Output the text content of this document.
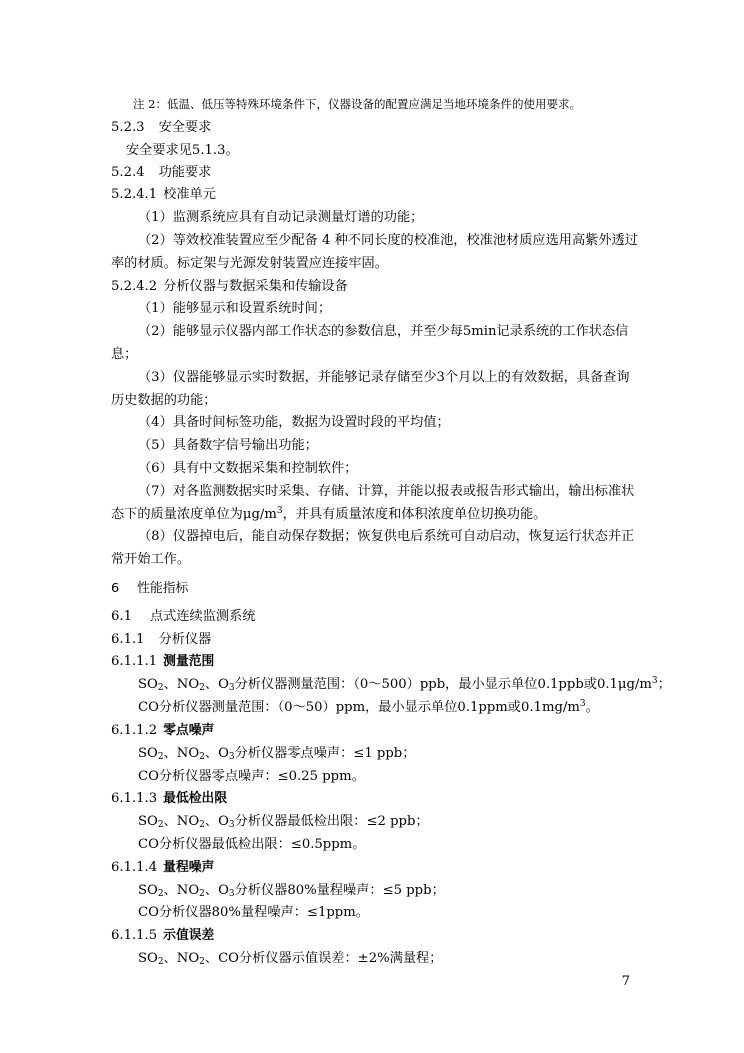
注 2：低温、低压等特殊环境条件下，仪器设备的配置应满足当地环境条件的使用要求。
5.2.3 安全要求
安全要求见5.1.3。
5.2.4 功能要求
5.2.4.1 校准单元
（1）监测系统应具有自动记录测量灯谱的功能；
（2）等效校准装置应至少配备 4 种不同长度的校准池，校准池材质应选用高紫外透过
率的材质。标定架与光源发射装置应连接牢固。
5.2.4.2 分析仪器与数据采集和传输设备
（1）能够显示和设置系统时间；
（2）能够显示仪器内部工作状态的参数信息，并至少每5min记录系统的工作状态信
息；
（3）仪器能够显示实时数据，并能够记录存储至少3个月以上的有效数据，具备查询
历史数据的功能；
（4）具备时间标签功能，数据为设置时段的平均值；
（5）具备数字信号输出功能；
（6）具有中文数据采集和控制软件；
（7）对各监测数据实时采集、存储、计算，并能以报表或报告形式输出，输出标准状
态下的质量浓度单位为$\mu g/m^3$，并具有质量浓度和体积浓度单位切换功能。
（8）仪器掉电后，能自动保存数据；恢复供电后系统可自动启动，恢复运行状态并正
常开始工作。
6 性能指标
6.1 点式连续监测系统
6.1.1 分析仪器
6.1.1.1 测量范围
$SO_2$、$NO_2$、$O_3$分析仪器测量范围：（0～500）ppb，最小显示单位0.1ppb或$0.1\mu g/m^3$；
CO分析仪器测量范围：（0～50）ppm，最小显示单位0.1ppm或$0.1mg/m^3$。
6.1.1.2 零点噪声
$SO_2$、$NO_2$、$O_3$分析仪器零点噪声：≤1 ppb；
CO分析仪器零点噪声：≤0.25 ppm。
6.1.1.3 最低检出限
$SO_2$、$NO_2$、$O_3$分析仪器最低检出限：≤2 ppb；
CO分析仪器最低检出限：≤0.5ppm。
6.1.1.4 量程噪声
$SO_2$、$NO_2$、$O_3$分析仪器80%量程噪声：≤5 ppb；
CO分析仪器80%量程噪声：≤1ppm。
6.1.1.5 示值误差
$SO_2$、$NO_2$、CO分析仪器示值误差：±2%满量程；
7
